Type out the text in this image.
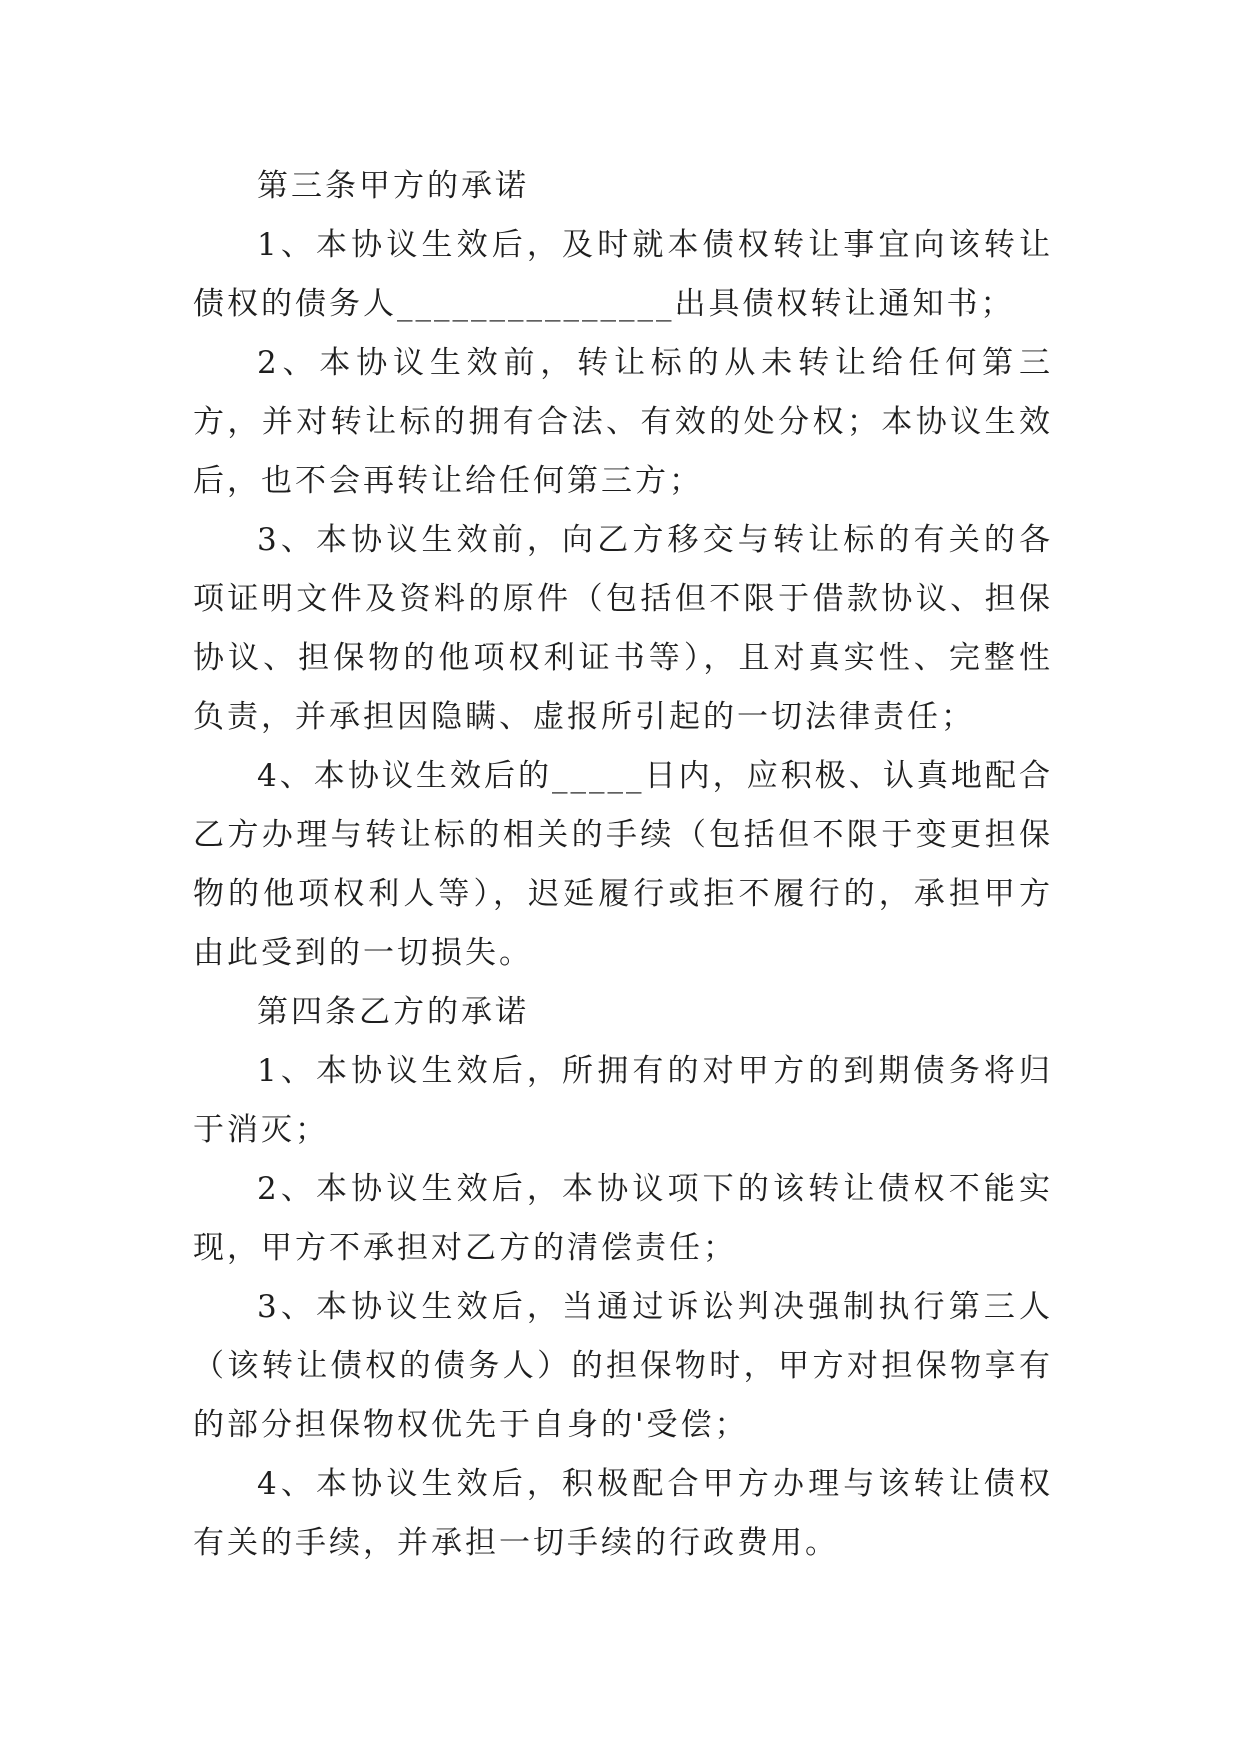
第三条甲方的承诺

1、本协议生效后，及时就本债权转让事宜向该转让债权的债务人_______________出具债权转让通知书；

2、本协议生效前，转让标的从未转让给任何第三方，并对转让标的拥有合法、有效的处分权；本协议生效后，也不会再转让给任何第三方；

3、本协议生效前，向乙方移交与转让标的有关的各项证明文件及资料的原件（包括但不限于借款协议、担保协议、担保物的他项权利证书等），且对真实性、完整性负责，并承担因隐瞒、虚报所引起的一切法律责任；

4、本协议生效后的_____日内，应积极、认真地配合乙方办理与转让标的相关的手续（包括但不限于变更担保物的他项权利人等），迟延履行或拒不履行的，承担甲方由此受到的一切损失。

第四条乙方的承诺

1、本协议生效后，所拥有的对甲方的到期债务将归于消灭；

2、本协议生效后，本协议项下的该转让债权不能实现，甲方不承担对乙方的清偿责任；

3、本协议生效后，当通过诉讼判决强制执行第三人（该转让债权的债务人）的担保物时，甲方对担保物享有的部分担保物权优先于自身的'受偿；

4、本协议生效后，积极配合甲方办理与该转让债权有关的手续，并承担一切手续的行政费用。
